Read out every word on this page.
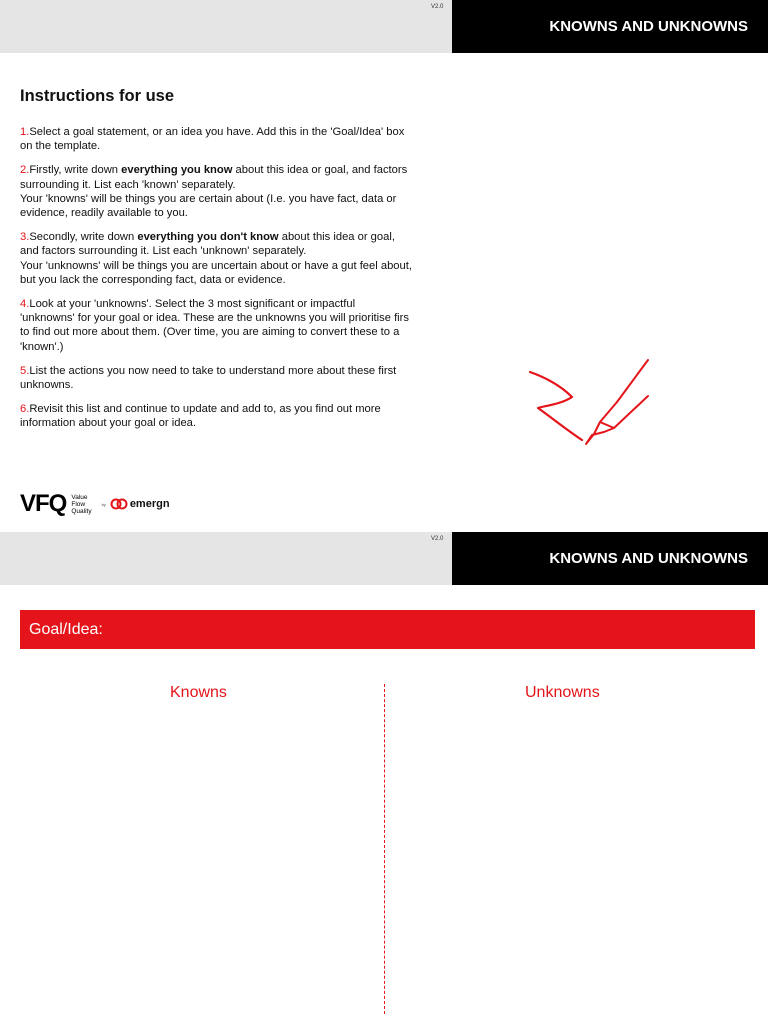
V2.0
KNOWNS AND UNKNOWNS
Instructions for use
1.Select a goal statement, or an idea you have. Add this in the 'Goal/Idea' box on the template.
2.Firstly, write down everything you know about this idea or goal, and factors surrounding it. List each 'known' separately.
Your 'knowns' will be things you are certain about (I.e. you have fact, data or evidence, readily available to you.
3.Secondly, write down everything you don't know about this idea or goal, and factors surrounding it. List each 'unknown' separately.
Your 'unknowns' will be things you are uncertain about or have a gut feel about, but you lack the corresponding fact, data or evidence.
4.Look at your 'unknowns'. Select the 3 most significant or impactful 'unknowns' for your goal or idea. These are the unknowns you will prioritise firs to find out more about them. (Over time, you are aiming to convert these to a 'known'.)
5.List the actions you now need to take to understand more about these first unknowns.
6.Revisit this list and continue to update and add to, as you find out more information about your goal or idea.
VFQ Value
Flow
Quality
by emergn
V2.0
KNOWNS AND UNKNOWNS
Goal/Idea:
Knowns	Unknowns
